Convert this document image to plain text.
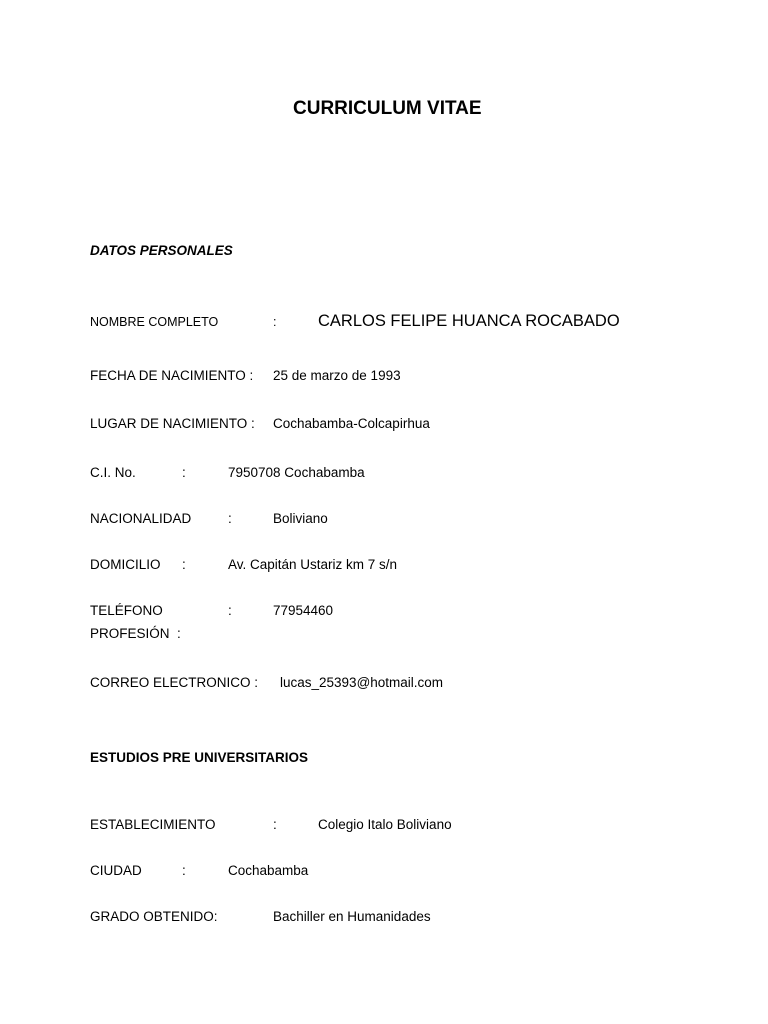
CURRICULUM VITAE
DATOS PERSONALES
NOMBRE COMPLETO	:	CARLOS FELIPE HUANCA ROCABADO
FECHA DE NACIMIENTO : 25 de marzo de 1993
LUGAR DE NACIMIENTO : Cochabamba-Colcapirhua
C.I. No.	:	7950708 Cochabamba
NACIONALIDAD	:	Boliviano
DOMICILIO :	Av. Capitán Ustariz km 7 s/n
TELÉFONO	:	77954460
PROFESIÓN  :
CORREO ELECTRONICO : lucas_25393@hotmail.com
ESTUDIOS PRE UNIVERSITARIOS
ESTABLECIMIENTO	:	Colegio Italo Boliviano
CIUDAD	:	Cochabamba
GRADO OBTENIDO:	Bachiller en Humanidades
